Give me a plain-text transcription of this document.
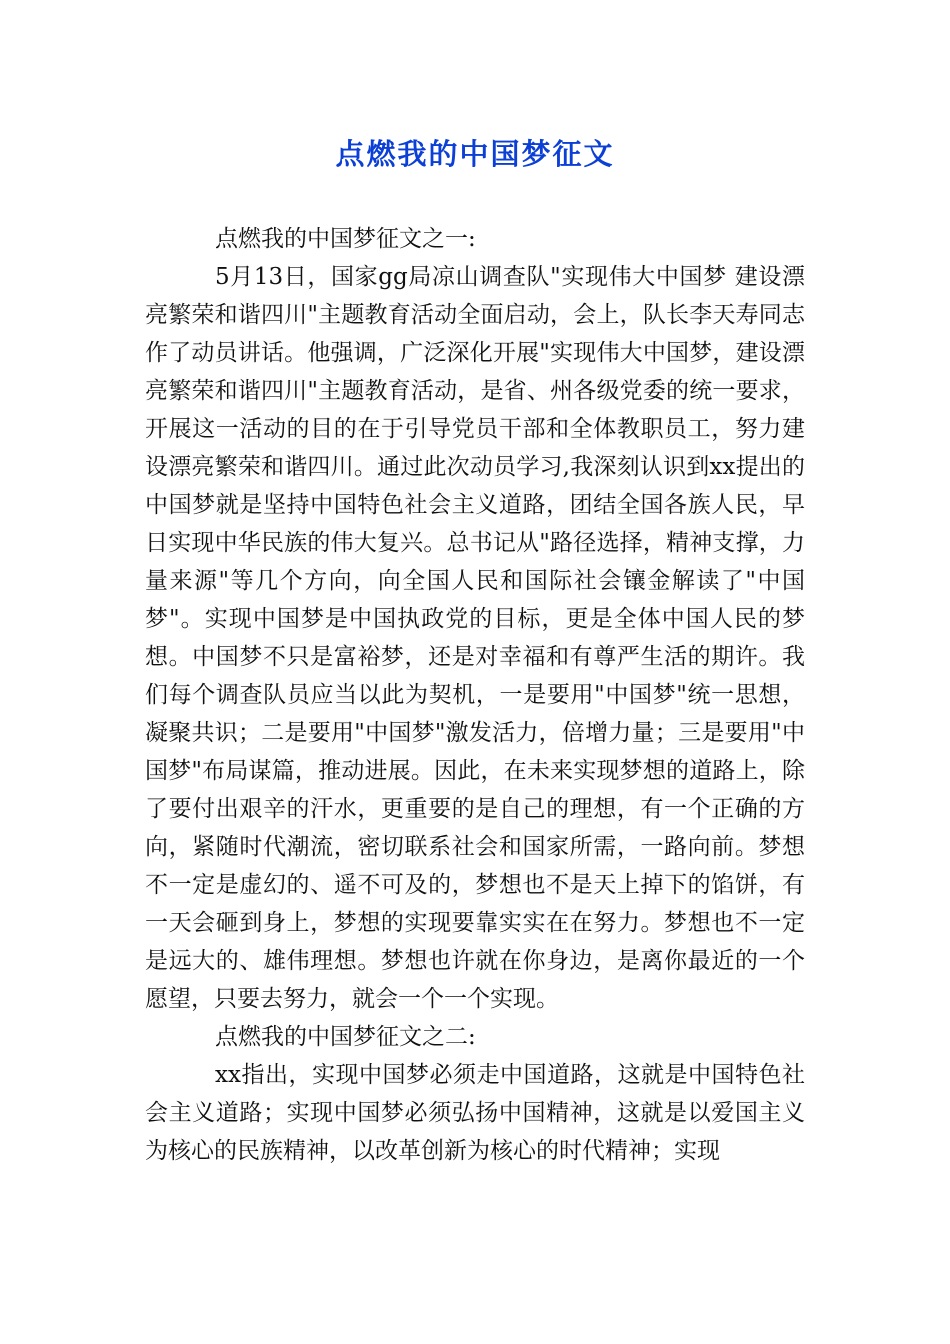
点燃我的中国梦征文

点燃我的中国梦征文之一:

5月13日，国家gg局凉山调查队"实现伟大中国梦 建设漂亮繁荣和谐四川"主题教育活动全面启动，会上，队长李天寿同志作了动员讲话。他强调，广泛深化开展"实现伟大中国梦，建设漂亮繁荣和谐四川"主题教育活动，是省、州各级党委的统一要求，开展这一活动的目的在于引导党员干部和全体教职员工，努力建设漂亮繁荣和谐四川。通过此次动员学习,我深刻认识到xx提出的中国梦就是坚持中国特色社会主义道路，团结全国各族人民，早日实现中华民族的伟大复兴。总书记从"路径选择，精神支撑，力量来源"等几个方向，向全国人民和国际社会镶金解读了"中国梦"。实现中国梦是中国执政党的目标，更是全体中国人民的梦想。中国梦不只是富裕梦，还是对幸福和有尊严生活的期许。我们每个调查队员应当以此为契机，一是要用"中国梦"统一思想，凝聚共识；二是要用"中国梦"激发活力，倍增力量；三是要用"中国梦"布局谋篇，推动进展。因此，在未来实现梦想的道路上，除了要付出艰辛的汗水，更重要的是自己的理想，有一个正确的方向，紧随时代潮流，密切联系社会和国家所需，一路向前。梦想不一定是虚幻的、遥不可及的，梦想也不是天上掉下的馅饼，有一天会砸到身上，梦想的实现要靠实实在在努力。梦想也不一定是远大的、雄伟理想。梦想也许就在你身边，是离你最近的一个愿望，只要去努力，就会一个一个实现。

点燃我的中国梦征文之二:

xx指出，实现中国梦必须走中国道路，这就是中国特色社会主义道路；实现中国梦必须弘扬中国精神，这就是以爱国主义为核心的民族精神，以改革创新为核心的时代精神；实现
